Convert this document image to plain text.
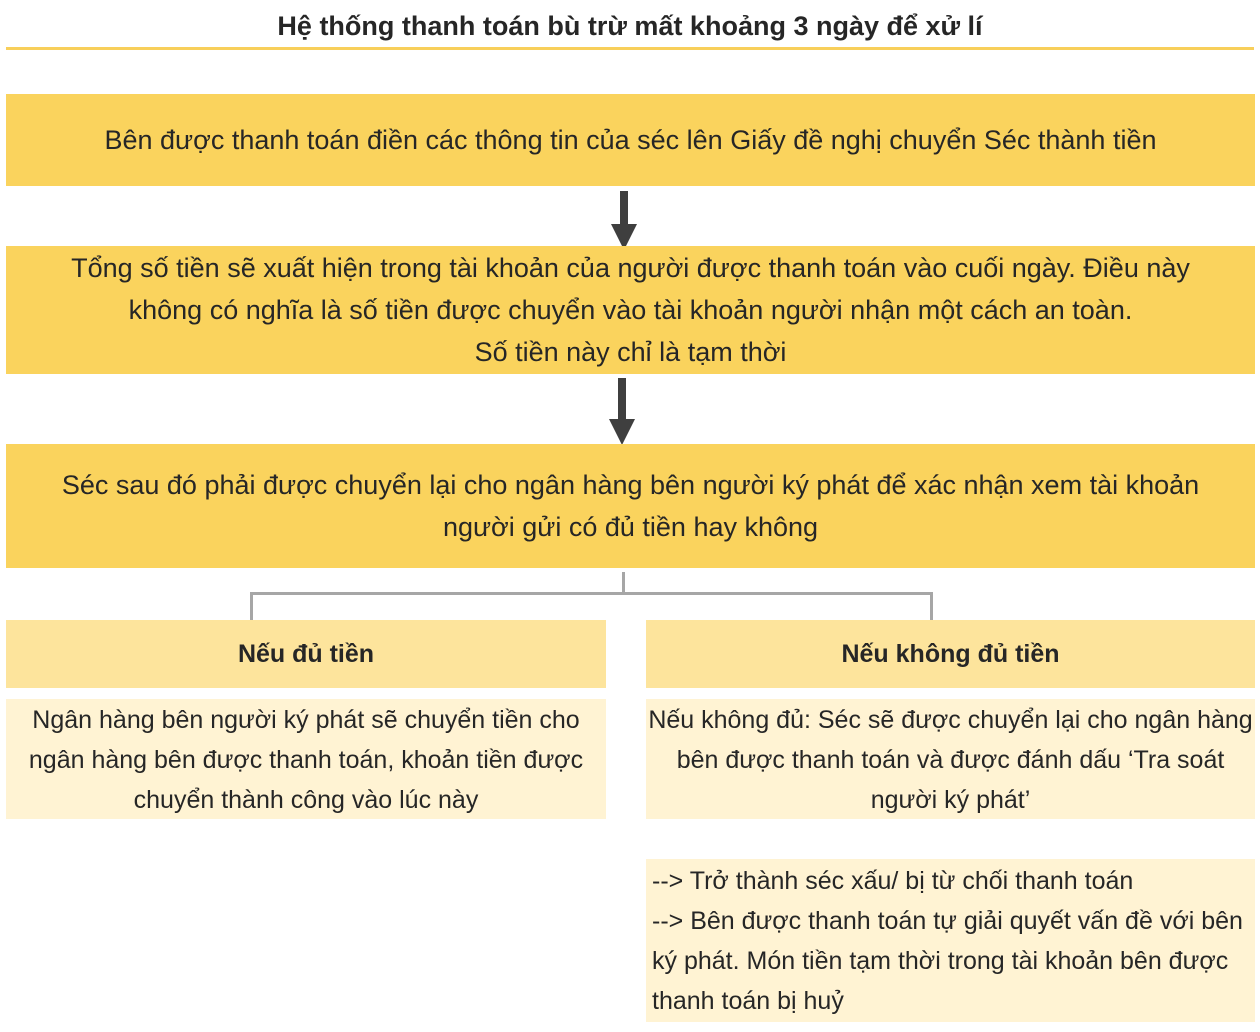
Hệ thống thanh toán bù trừ mất khoảng 3 ngày để xử lí
Bên được thanh toán điền các thông tin của séc lên Giấy đề nghị chuyển Séc thành tiền
Tổng số tiền sẽ xuất hiện trong tài khoản của người được thanh toán vào cuối ngày. Điều này
không có nghĩa là số tiền được chuyển vào tài khoản người nhận một cách an toàn.
Số tiền này chỉ là tạm thời
Séc sau đó phải được chuyển lại cho ngân hàng bên người ký phát để xác nhận xem tài khoản
người gửi có đủ tiền hay không
Nếu đủ tiền	Nếu không đủ tiền
Ngân hàng bên người ký phát sẽ chuyển tiền cho
ngân hàng bên được thanh toán, khoản tiền được
chuyển thành công vào lúc này
Nếu không đủ: Séc sẽ được chuyển lại cho ngân hàng
bên được thanh toán và được đánh dấu ‘Tra soát
người ký phát’
--> Trở thành séc xấu/ bị từ chối thanh toán
--> Bên được thanh toán tự giải quyết vấn đề với bên
ký phát. Món tiền tạm thời trong tài khoản bên được
thanh toán bị huỷ
